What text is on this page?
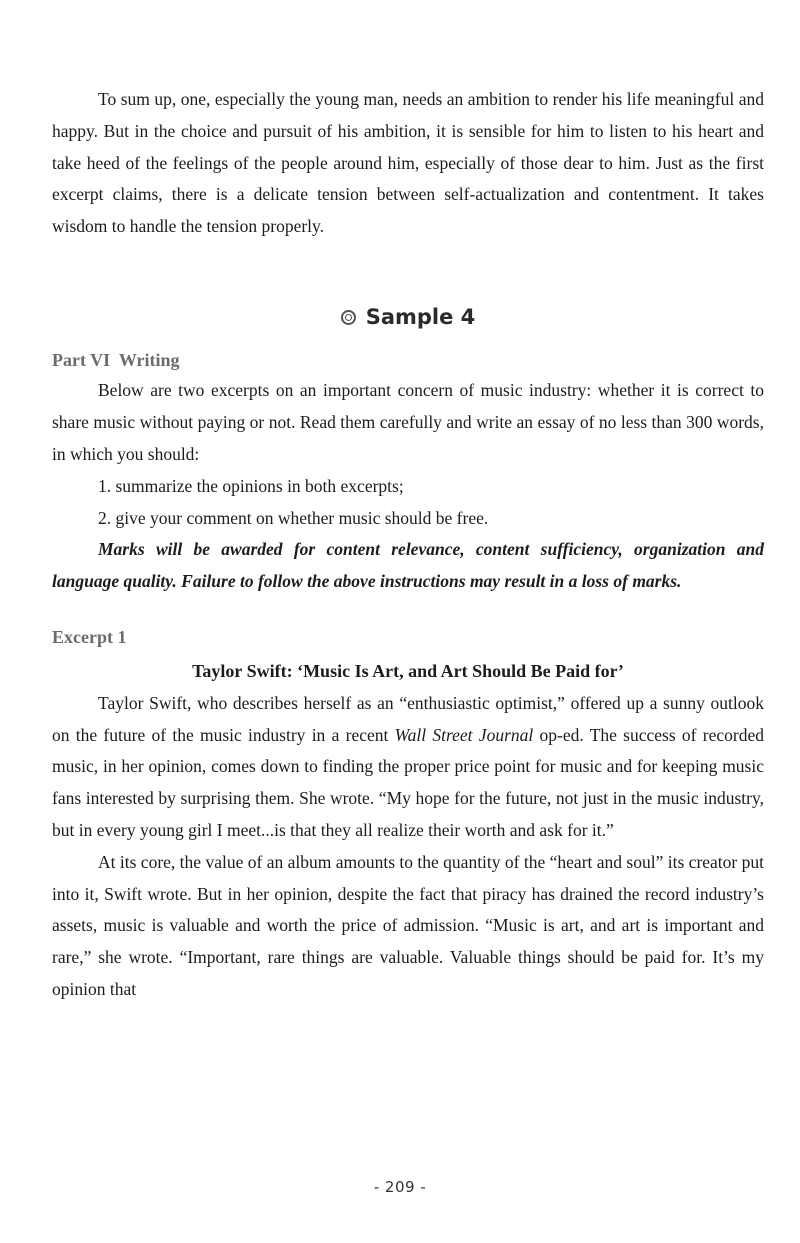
To sum up, one, especially the young man, needs an ambition to render his life meaningful and happy. But in the choice and pursuit of his ambition, it is sensible for him to listen to his heart and take heed of the feelings of the people around him, especially of those dear to him. Just as the first excerpt claims, there is a delicate tension between self-actualization and contentment. It takes wisdom to handle the tension properly.

Sample 4
Part VI  Writing

Below are two excerpts on an important concern of music industry: whether it is correct to share music without paying or not. Read them carefully and write an essay of no less than 300 words, in which you should:

1. summarize the opinions in both excerpts;

2. give your comment on whether music should be free.

Marks will be awarded for content relevance, content sufficiency, organization and language quality. Failure to follow the above instructions may result in a loss of marks.

Excerpt 1
Taylor Swift: ‘Music Is Art, and Art Should Be Paid for’

Taylor Swift, who describes herself as an “enthusiastic optimist,” offered up a sunny outlook on the future of the music industry in a recent Wall Street Journal op-ed. The success of recorded music, in her opinion, comes down to finding the proper price point for music and for keeping music fans interested by surprising them. She wrote. “My hope for the future, not just in the music industry, but in every young girl I meet...is that they all realize their worth and ask for it.”

At its core, the value of an album amounts to the quantity of the “heart and soul” its creator put into it, Swift wrote. But in her opinion, despite the fact that piracy has drained the record industry’s assets, music is valuable and worth the price of admission. “Music is art, and art is important and rare,” she wrote. “Important, rare things are valuable. Valuable things should be paid for. It’s my opinion that

- 209 -
